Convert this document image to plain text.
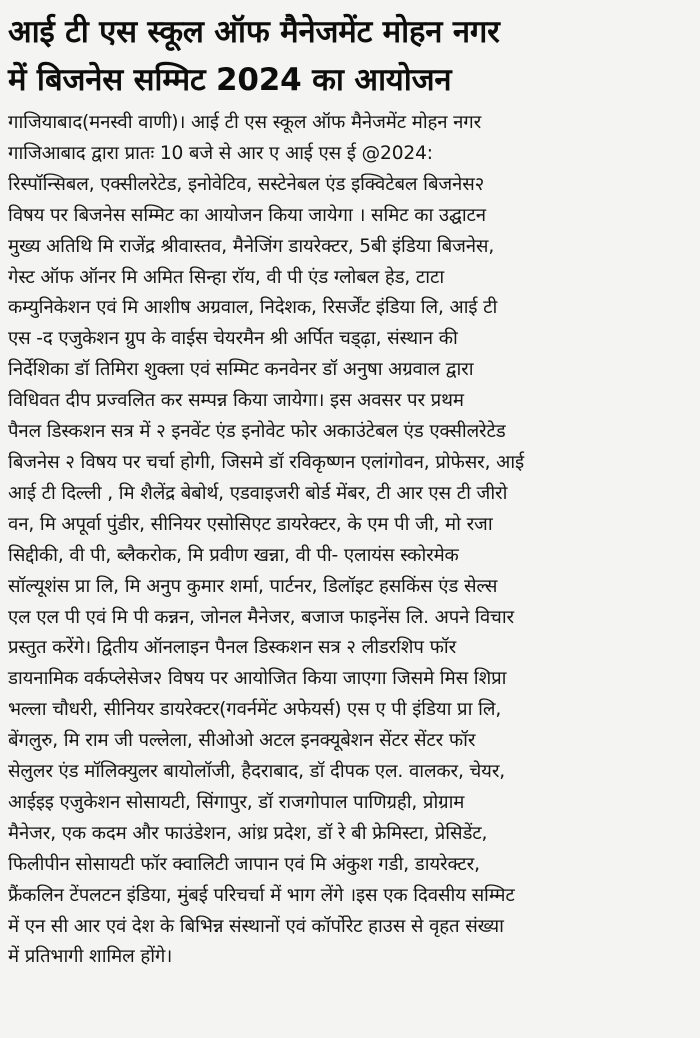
आई टी एस स्कूल ऑफ मैनेजमेंट मोहन नगर
में बिजनेस सम्मिट 2024 का आयोजन

गाजियाबाद(मनस्वी वाणी)। आई टी एस स्कूल ऑफ मैनेजमेंट मोहन नगर

गाजिआबाद द्वारा प्रातः 10 बजे से आर ए आई एस ई @2024:

रिस्पॉन्सिबल, एक्सीलरेटेड, इनोवेटिव, सस्टेनेबल एंड इक्विटेबल बिजनेस२

विषय पर बिजनेस सम्मिट का आयोजन किया जायेगा । समिट का उद्घाटन

मुख्य अतिथि मि राजेंद्र श्रीवास्तव, मैनेजिंग डायरेक्टर, 5बी इंडिया बिजनेस,

गेस्ट ऑफ ऑनर मि अमित सिन्हा रॉय, वी पी एंड ग्लोबल हेड, टाटा

कम्युनिकेशन एवं मि आशीष अग्रवाल, निदेशक, रिसर्जेंट इंडिया लि, आई टी

एस -द एजुकेशन ग्रुप के वाईस चेयरमैन श्री अर्पित चड्ढ़ा, संस्थान की

निर्देशिका डॉ तिमिरा शुक्ला एवं सम्मिट कनवेनर डॉ अनुषा अग्रवाल द्वारा

विधिवत दीप प्रज्वलित कर सम्पन्न किया जायेगा। इस अवसर पर प्रथम

पैनल डिस्कशन सत्र में २ इनवेंट एंड इनोवेट फोर अकाउंटेबल एंड एक्सीलरेटेड

बिजनेस २ विषय पर चर्चा होगी, जिसमे डॉ रविकृष्णन एलांगोवन, प्रोफेसर, आई

आई टी दिल्ली , मि शैलेंद्र बेबोर्थ, एडवाइजरी बोर्ड मेंबर, टी आर एस टी जीरो

वन, मि अपूर्वा पुंडीर, सीनियर एसोसिएट डायरेक्टर, के एम पी जी, मो रजा

सिद्दीकी, वी पी, ब्लैकरोक, मि प्रवीण खन्ना, वी पी- एलायंस स्कोरमेक

सॉल्यूशंस प्रा लि, मि अनुप कुमार शर्मा, पार्टनर, डिलॉइट हसकिंस एंड सेल्स

एल एल पी एवं मि पी कन्नन, जोनल मैनेजर, बजाज फाइनेंस लि. अपने विचार

प्रस्तुत करेंगे। द्वितीय ऑनलाइन पैनल डिस्कशन सत्र २ लीडरशिप फॉर

डायनामिक वर्कप्लेसेज२ विषय पर आयोजित किया जाएगा जिसमे मिस शिप्रा

भल्ला चौधरी, सीनियर डायरेक्टर(गवर्नमेंट अफेयर्स) एस ए पी इंडिया प्रा लि,

बेंगलुरु, मि राम जी पल्लेला, सीओओ अटल इनक्यूबेशन सेंटर सेंटर फॉर

सेलुलर एंड मॉलिक्युलर बायोलॉजी, हैदराबाद, डॉ दीपक एल. वालकर, चेयर,

आईइइ एजुकेशन सोसायटी, सिंगापुर, डॉ राजगोपाल पाणिग्रही, प्रोग्राम

मैनेजर, एक कदम और फाउंडेशन, आंध्र प्रदेश, डॉ रे बी फ्रेमिस्टा, प्रेसिडेंट,

फिलीपीन सोसायटी फॉर क्वालिटी जापान एवं मि अंकुश गडी, डायरेक्टर,

फ्रैंकलिन टेंपलटन इंडिया, मुंबई परिचर्चा में भाग लेंगे ।इस एक दिवसीय सम्मिट

में एन सी आर एवं देश के बिभिन्न संस्थानों एवं कॉर्पोरेट हाउस से वृहत संख्या

में प्रतिभागी शामिल होंगे।
